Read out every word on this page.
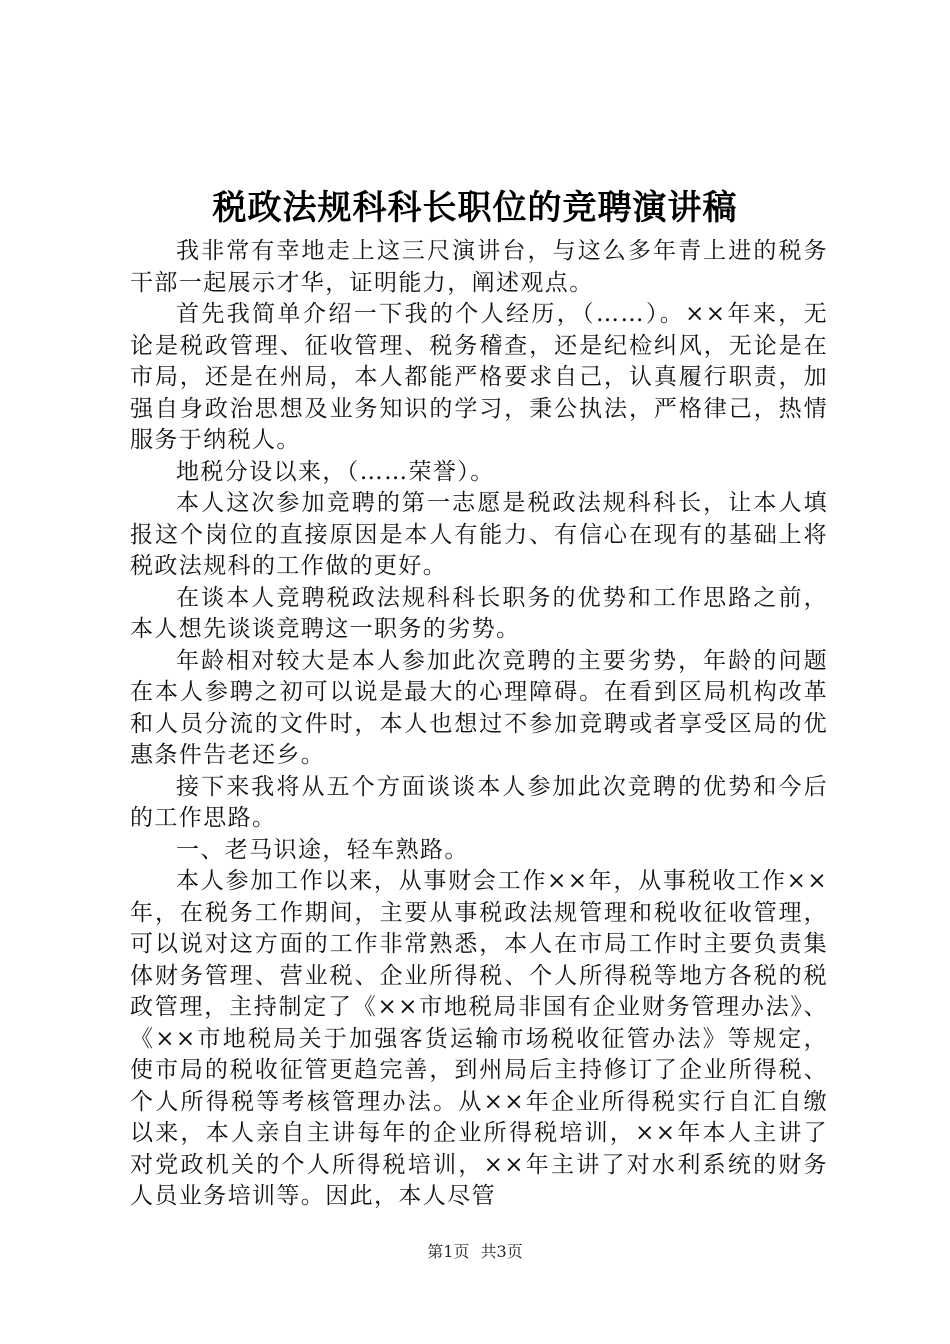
税政法规科科长职位的竞聘演讲稿

我非常有幸地走上这三尺演讲台，与这么多年青上进的税务干部一起展示才华，证明能力，阐述观点。

首先我简单介绍一下我的个人经历，（……）。××年来，无论是税政管理、征收管理、税务稽查，还是纪检纠风，无论是在市局，还是在州局，本人都能严格要求自己，认真履行职责，加强自身政治思想及业务知识的学习，秉公执法，严格律己，热情服务于纳税人。

地税分设以来，（……荣誉）。

本人这次参加竞聘的第一志愿是税政法规科科长，让本人填报这个岗位的直接原因是本人有能力、有信心在现有的基础上将税政法规科的工作做的更好。

在谈本人竞聘税政法规科科长职务的优势和工作思路之前，本人想先谈谈竞聘这一职务的劣势。

年龄相对较大是本人参加此次竞聘的主要劣势，年龄的问题在本人参聘之初可以说是最大的心理障碍。在看到区局机构改革和人员分流的文件时，本人也想过不参加竞聘或者享受区局的优惠条件告老还乡。

接下来我将从五个方面谈谈本人参加此次竞聘的优势和今后的工作思路。

一、老马识途，轻车熟路。

本人参加工作以来，从事财会工作××年，从事税收工作××年，在税务工作期间，主要从事税政法规管理和税收征收管理，可以说对这方面的工作非常熟悉，本人在市局工作时主要负责集体财务管理、营业税、企业所得税、个人所得税等地方各税的税政管理，主持制定了《××市地税局非国有企业财务管理办法》、《××市地税局关于加强客货运输市场税收征管办法》等规定，使市局的税收征管更趋完善，到州局后主持修订了企业所得税、个人所得税等考核管理办法。从××年企业所得税实行自汇自缴以来，本人亲自主讲每年的企业所得税培训，××年本人主讲了对党政机关的个人所得税培训，××年主讲了对水利系统的财务人员业务培训等。因此，本人尽管

第1页 共3页
